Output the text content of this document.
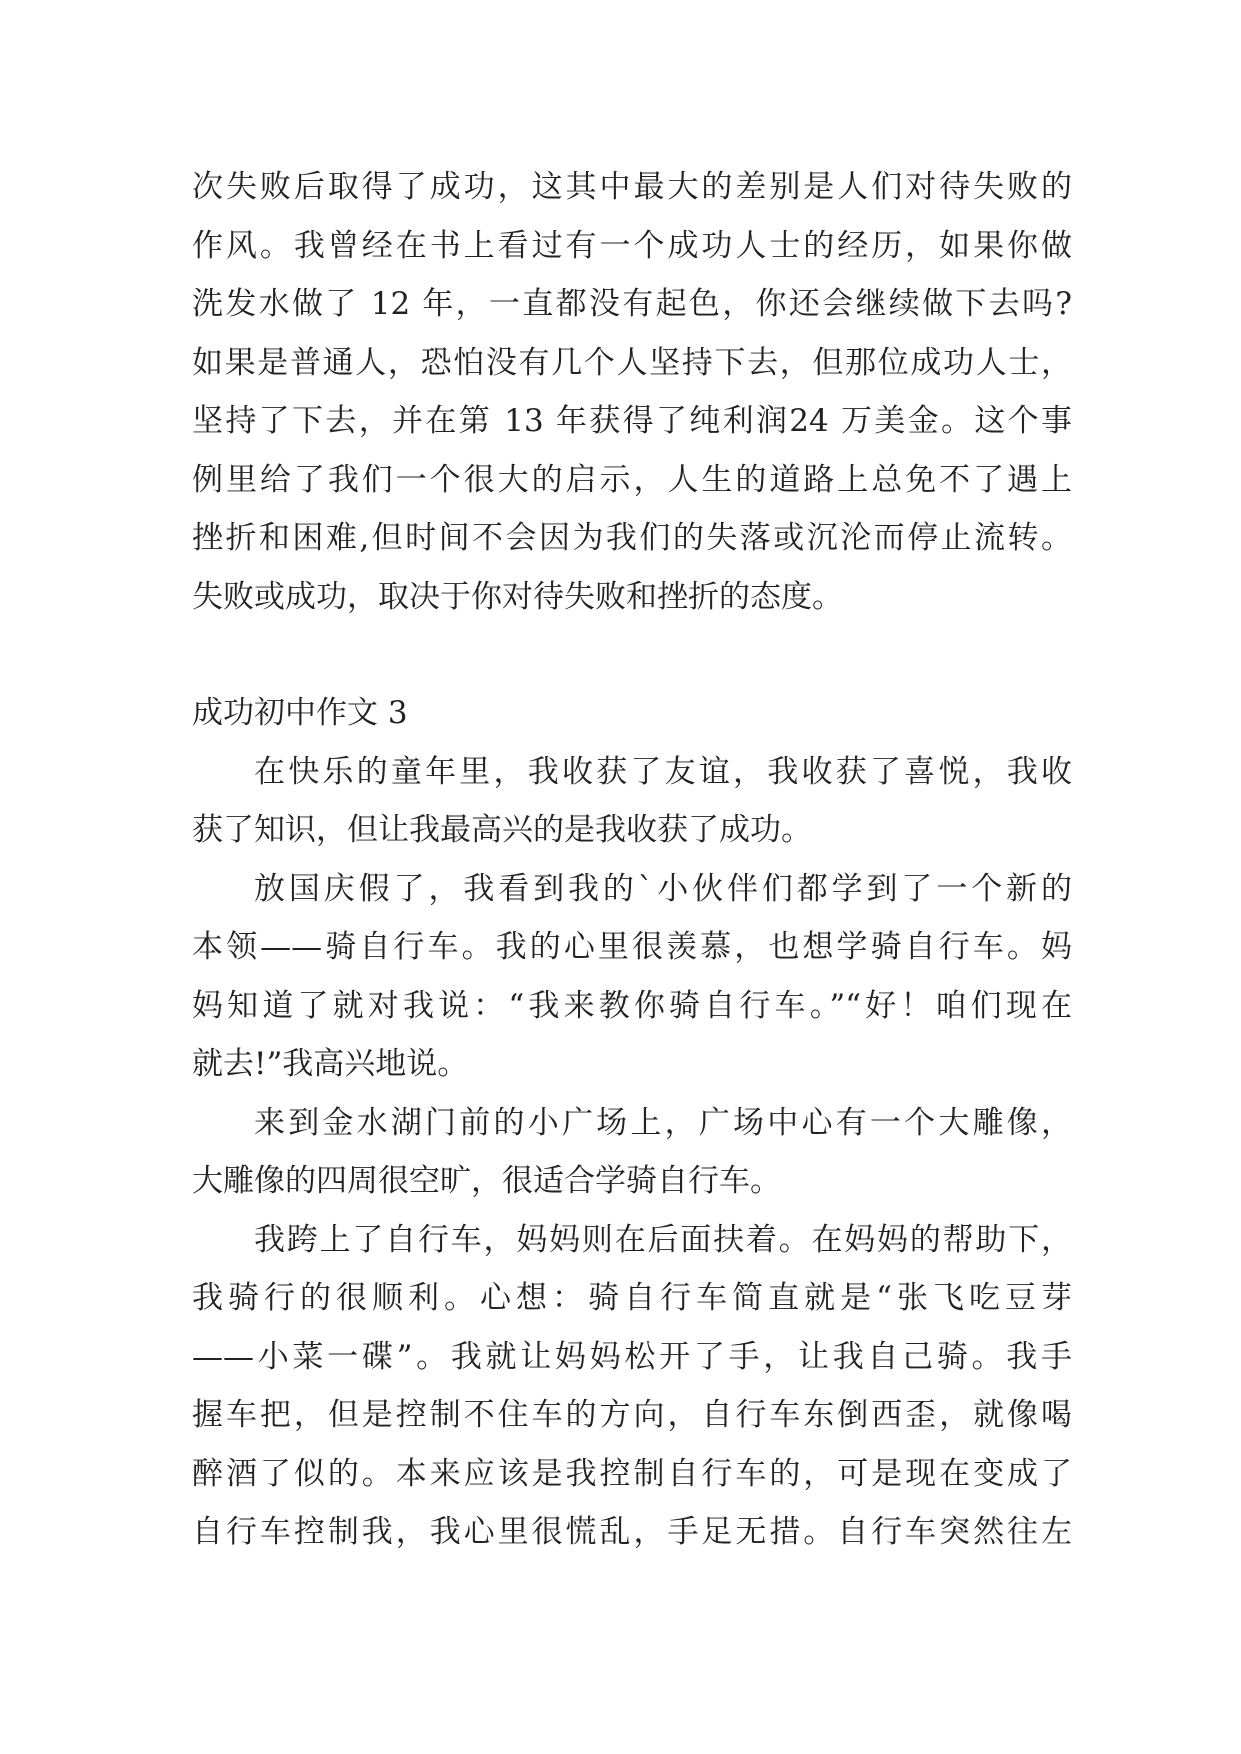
次失败后取得了成功，这其中最大的差别是人们对待失败的
作风。我曾经在书上看过有一个成功人士的经历，如果你做
洗发水做了 12 年，一直都没有起色，你还会继续做下去吗?
如果是普通人，恐怕没有几个人坚持下去，但那位成功人士，
坚持了下去，并在第 13 年获得了纯利润24 万美金。这个事
例里给了我们一个很大的启示，人生的道路上总免不了遇上
挫折和困难,但时间不会因为我们的失落或沉沦而停止流转。
失败或成功，取决于你对待失败和挫折的态度。
成功初中作文 3
在快乐的童年里，我收获了友谊，我收获了喜悦，我收
获了知识，但让我最高兴的是我收获了成功。
放国庆假了，我看到我的`小伙伴们都学到了一个新的
本领——骑自行车。我的心里很羡慕，也想学骑自行车。妈
妈知道了就对我说：“我来教你骑自行车。”“好！咱们现在
就去!”我高兴地说。
来到金水湖门前的小广场上，广场中心有一个大雕像，
大雕像的四周很空旷，很适合学骑自行车。
我跨上了自行车，妈妈则在后面扶着。在妈妈的帮助下，
我骑行的很顺利。心想：骑自行车简直就是“张飞吃豆芽
——小菜一碟”。我就让妈妈松开了手，让我自己骑。我手
握车把，但是控制不住车的方向，自行车东倒西歪，就像喝
醉酒了似的。本来应该是我控制自行车的，可是现在变成了
自行车控制我，我心里很慌乱，手足无措。自行车突然往左
